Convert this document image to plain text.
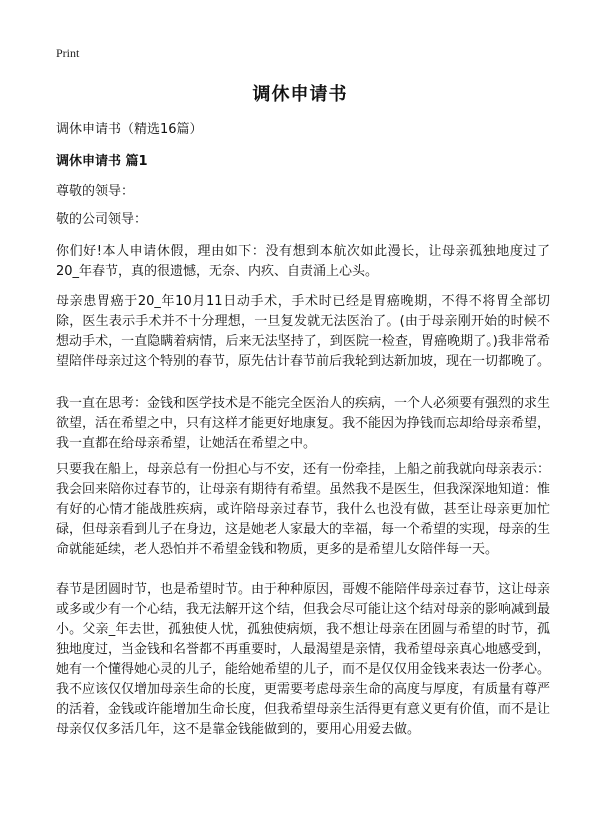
Print
调休申请书

调休申请书（精选16篇）

调休申请书 篇1

尊敬的领导：

敬的公司领导：

你们好!本人申请休假，理由如下：没有想到本航次如此漫长，让母亲孤独地度过了20_年春节，真的很遗憾，无奈、内疚、自责涌上心头。

母亲患胃癌于20_年10月11日动手术，手术时已经是胃癌晚期，不得不将胃全部切除，医生表示手术并不十分理想，一旦复发就无法医治了。(由于母亲刚开始的时候不想动手术，一直隐瞒着病情，后来无法坚持了，到医院一检查，胃癌晚期了。)我非常希望陪伴母亲过这个特别的春节，原先估计春节前后我轮到达新加坡，现在一切都晚了。

我一直在思考：金钱和医学技术是不能完全医治人的疾病，一个人必须要有强烈的求生欲望，活在希望之中，只有这样才能更好地康复。我不能因为挣钱而忘却给母亲希望，我一直都在给母亲希望，让她活在希望之中。

只要我在船上，母亲总有一份担心与不安，还有一份牵挂，上船之前我就向母亲表示：我会回来陪你过春节的，让母亲有期待有希望。虽然我不是医生，但我深深地知道：惟有好的心情才能战胜疾病，或许陪母亲过春节，我什么也没有做，甚至让母亲更加忙碌，但母亲看到儿子在身边，这是她老人家最大的幸福，每一个希望的实现，母亲的生命就能延续，老人恐怕并不希望金钱和物质，更多的是希望儿女陪伴每一天。

春节是团圆时节，也是希望时节。由于种种原因，哥嫂不能陪伴母亲过春节，这让母亲或多或少有一个心结，我无法解开这个结，但我会尽可能让这个结对母亲的影响减到最小。父亲_年去世，孤独使人忧，孤独使病烦，我不想让母亲在团圆与希望的时节，孤独地度过，当金钱和名誉都不再重要时，人最渴望是亲情，我希望母亲真心地感受到，她有一个懂得她心灵的儿子，能给她希望的儿子，而不是仅仅用金钱来表达一份孝心。我不应该仅仅增加母亲生命的长度，更需要考虑母亲生命的高度与厚度，有质量有尊严的活着，金钱或许能增加生命长度，但我希望母亲生活得更有意义更有价值，而不是让母亲仅仅多活几年，这不是靠金钱能做到的，要用心用爱去做。
